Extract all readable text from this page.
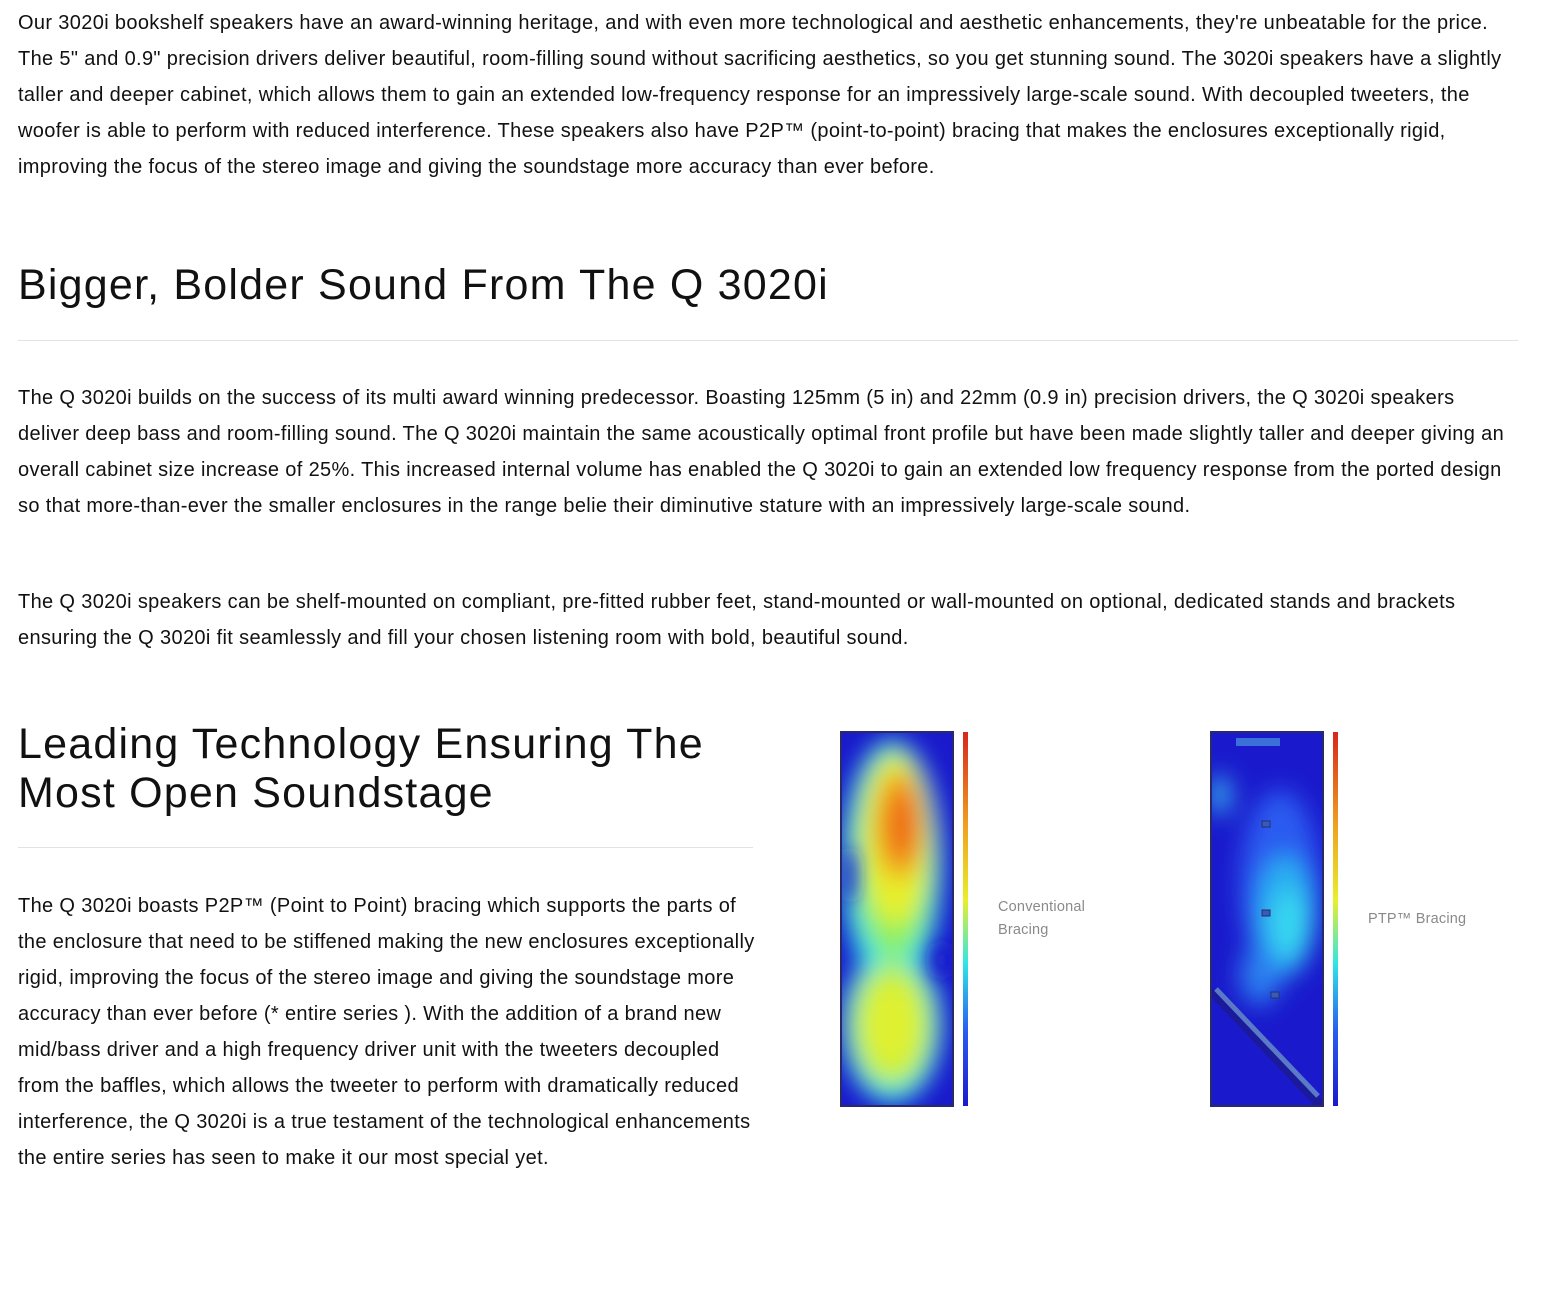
Our 3020i bookshelf speakers have an award-winning heritage, and with even more technological and aesthetic enhancements, they're unbeatable for the price. The 5" and 0.9" precision drivers deliver beautiful, room-filling sound without sacrificing aesthetics, so you get stunning sound. The 3020i speakers have a slightly taller and deeper cabinet, which allows them to gain an extended low-frequency response for an impressively large-scale sound. With decoupled tweeters, the woofer is able to perform with reduced interference. These speakers also have P2P™ (point-to-point) bracing that makes the enclosures exceptionally rigid, improving the focus of the stereo image and giving the soundstage more accuracy than ever before.

Bigger, Bolder Sound From The Q 3020i

The Q 3020i builds on the success of its multi award winning predecessor. Boasting 125mm (5 in) and 22mm (0.9 in) precision drivers, the Q 3020i speakers deliver deep bass and room-filling sound. The Q 3020i maintain the same acoustically optimal front profile but have been made slightly taller and deeper giving an overall cabinet size increase of 25%. This increased internal volume has enabled the Q 3020i to gain an extended low frequency response from the ported design so that more-than-ever the smaller enclosures in the range belie their diminutive stature with an impressively large-scale sound.

The Q 3020i speakers can be shelf-mounted on compliant, pre-fitted rubber feet, stand-mounted or wall-mounted on optional, dedicated stands and brackets ensuring the Q 3020i fit seamlessly and fill your chosen listening room with bold, beautiful sound.

Leading Technology Ensuring The
Most Open Soundstage

The Q 3020i boasts P2P™ (Point to Point) bracing which supports the parts of the enclosure that need to be stiffened making the new enclosures exceptionally rigid, improving the focus of the stereo image and giving the soundstage more accuracy than ever before (* entire series ). With the addition of a brand new mid/bass driver and a high frequency driver unit with the tweeters decoupled from the baffles, which allows the tweeter to perform with dramatically reduced interference, the Q 3020i is a true testament of the technological enhancements the entire series has seen to make it our most special yet.

Conventional
Bracing
PTP™ Bracing
